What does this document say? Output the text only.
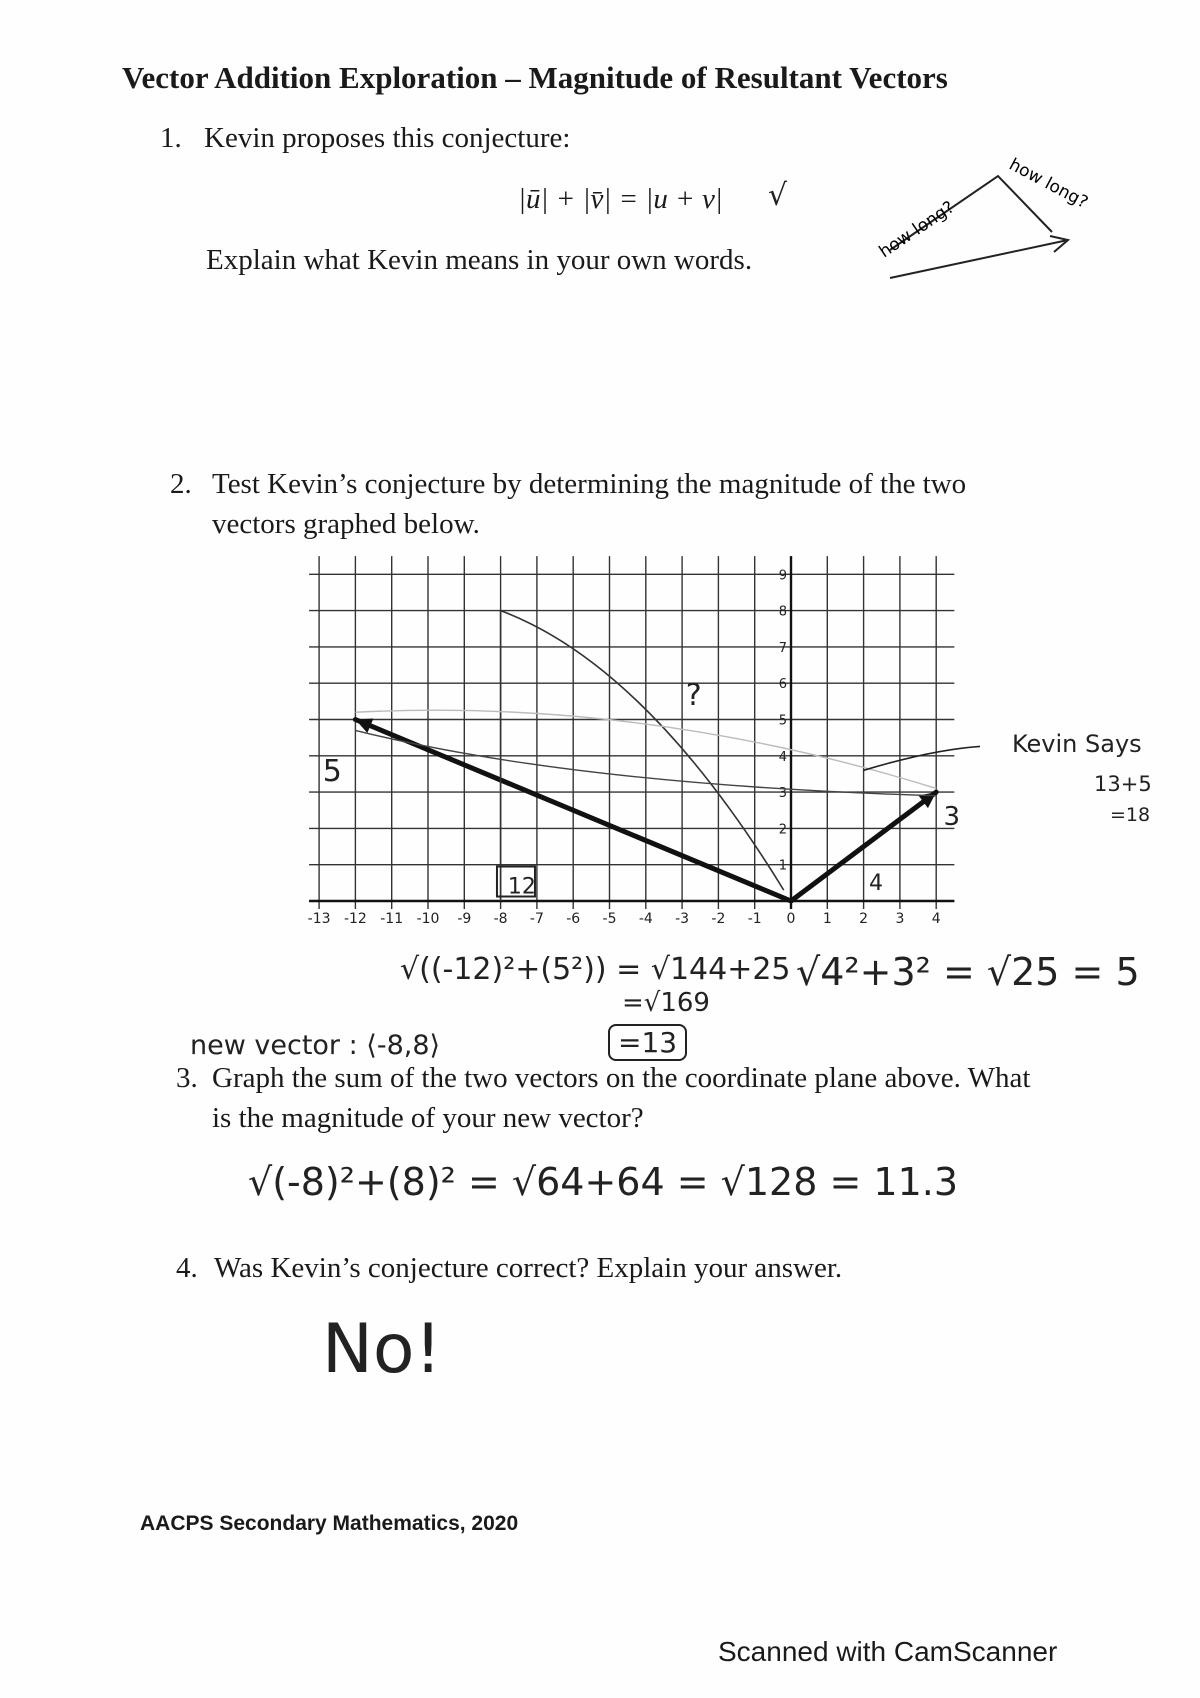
Vector Addition Exploration – Magnitude of Resultant Vectors
1. Kevin proposes this conjecture:
|ū| + |v̄| = |u + v| √
Explain what Kevin means in your own words.	how long?
how long?
2. Test Kevin’s conjecture by determining the magnitude of the two
vectors graphed below.
-13 -12 -11 -10 -9 -8 -7 -6 -5 -4 -3 -2 -1 0 1 2 3 4
1
2
3
4
5
6
7
8
9
5
12	4
3
?
Kevin Says
13+5
=18
√((-12)²+(5²)) = √144+25
=√169
=13
√4²+3² = √25 = 5
new vector : ⟨-8,8⟩
3. Graph the sum of the two vectors on the coordinate plane above. What
is the magnitude of your new vector?
√(-8)²+(8)² = √64+64 = √128 = 11.3
4. Was Kevin’s conjecture correct? Explain your answer.
No!
AACPS Secondary Mathematics, 2020
Scanned with CamScanner
